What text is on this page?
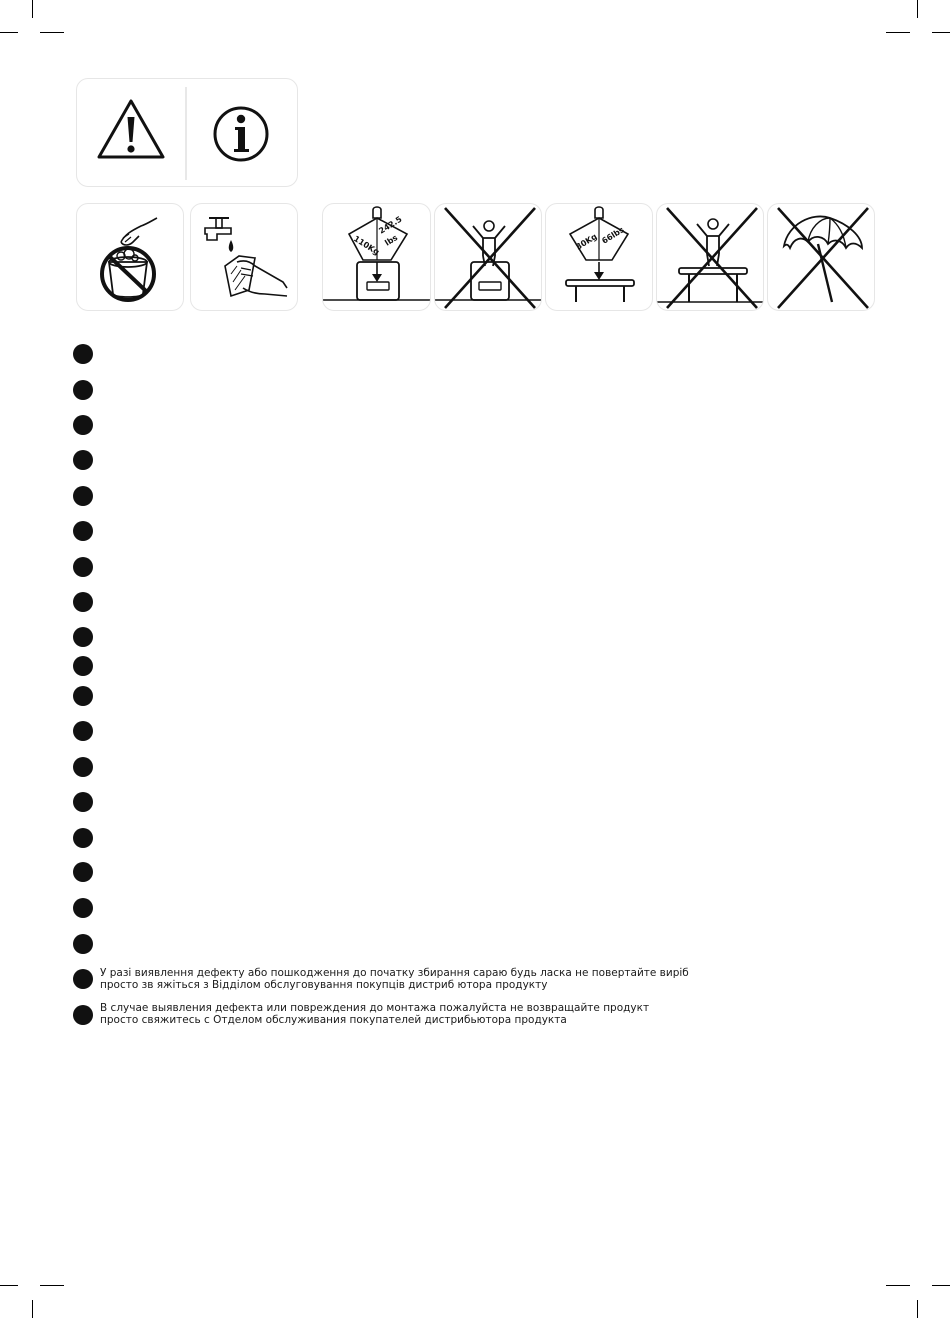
110Kg
242.5
lbs	30Kg 66lbs
У разі виявлення дефекту або пошкодження до початку збирання сараю будь ласка не повертайте виріб
просто зв яжіться з Відділом обслуговування покупців дистриб ютора продукту
В случае выявления дефекта или повреждения до монтажа пожалуйста не возвращайте продукт
просто свяжитесь с Отделом обслуживания покупателей дистрибьютора продукта
